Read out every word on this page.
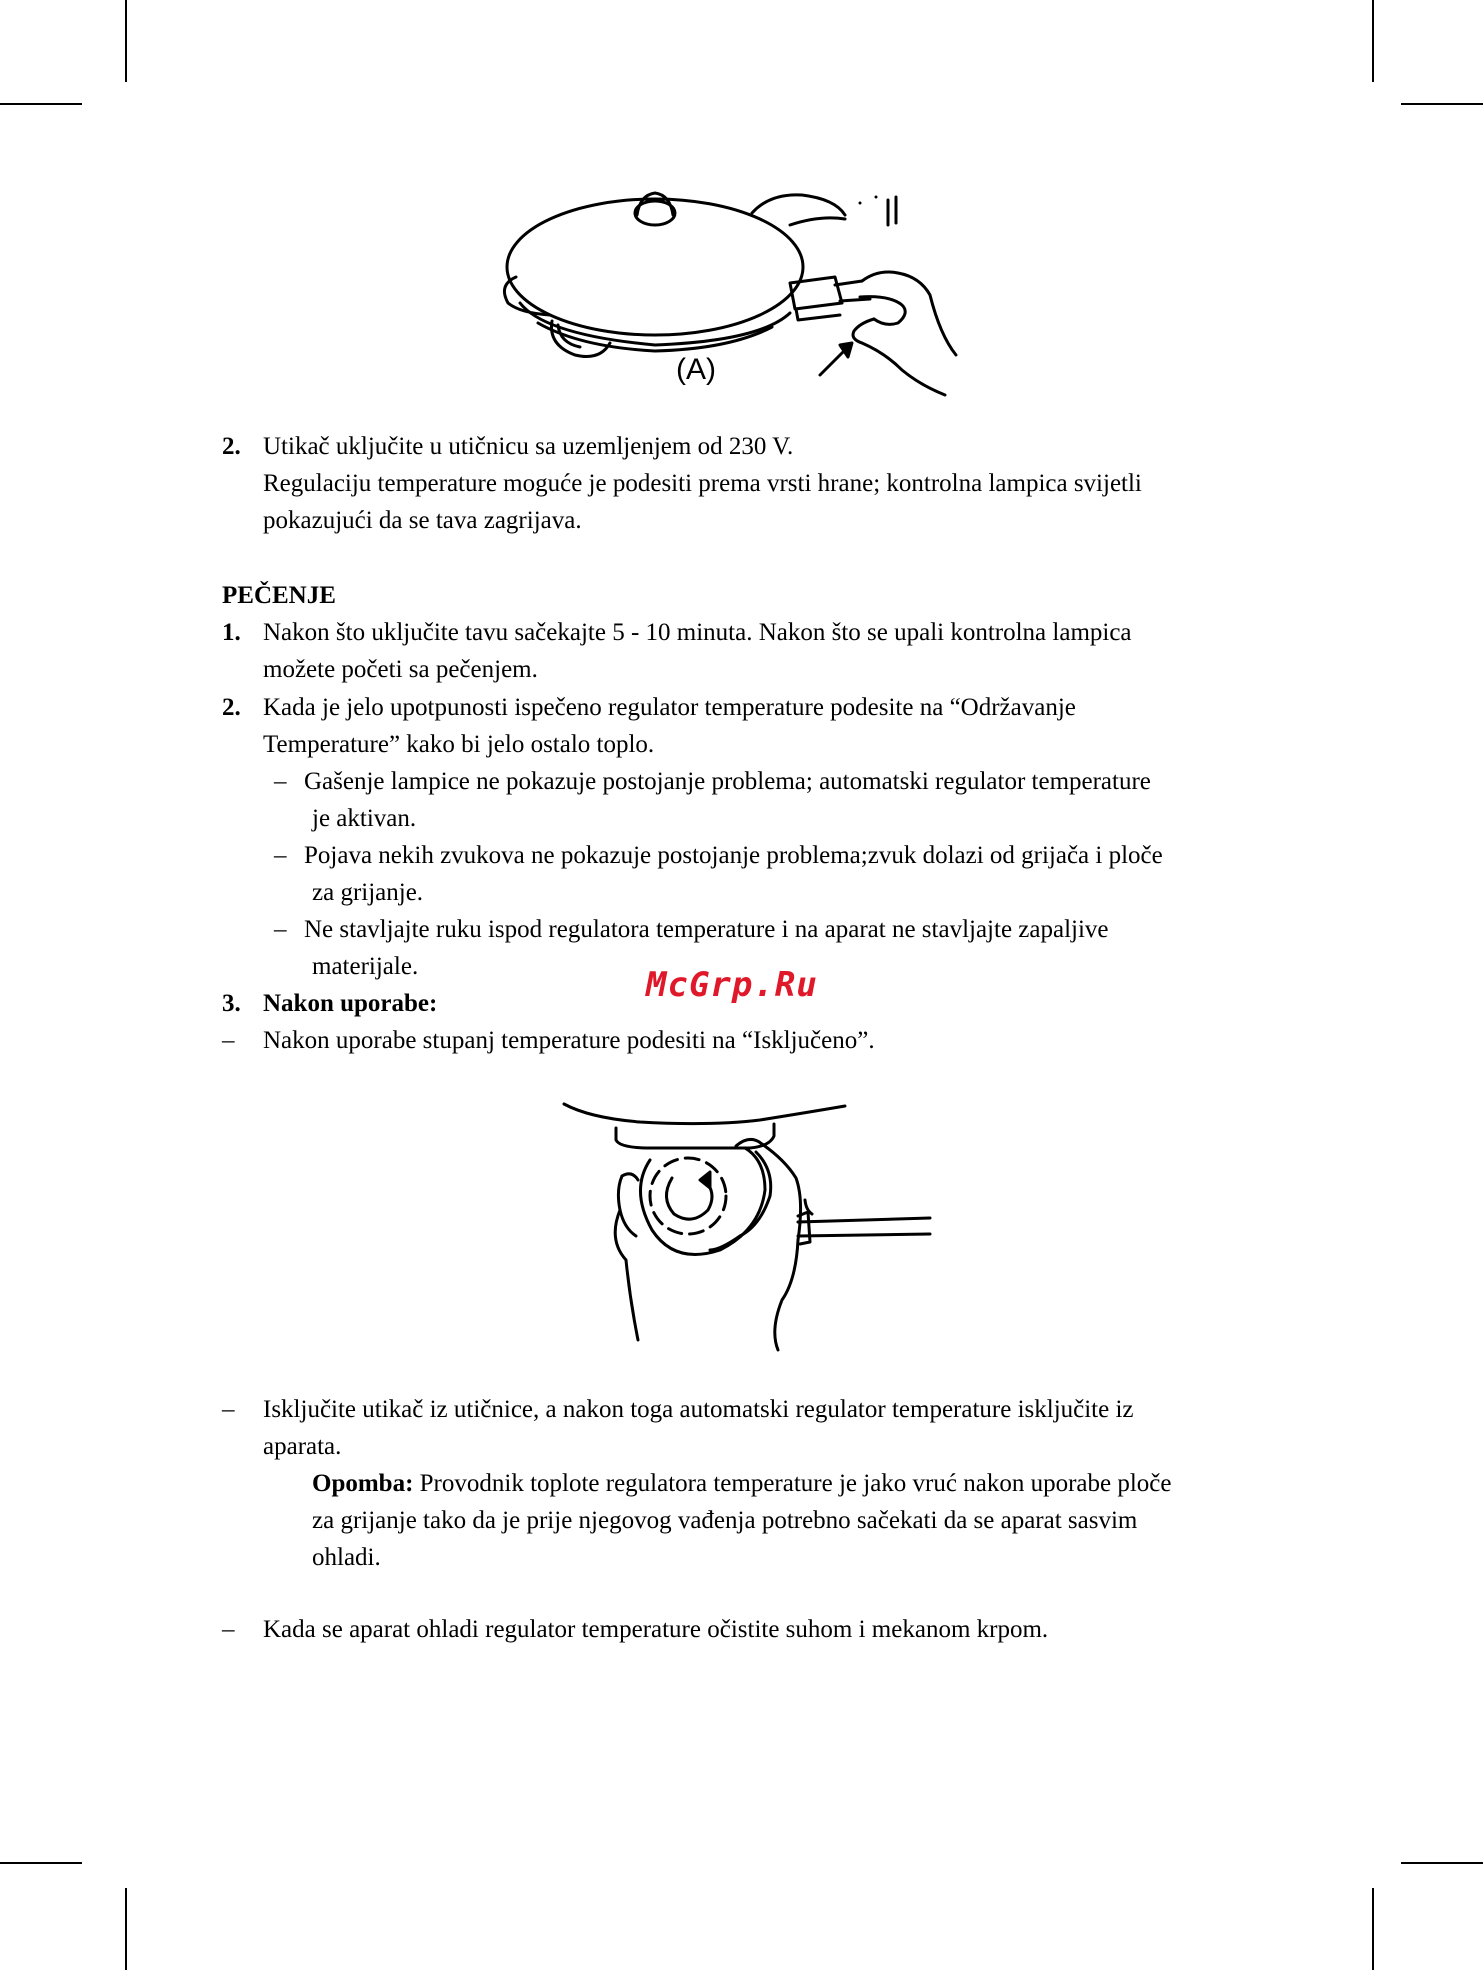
(A)
2. Utikač uključite u utičnicu sa uzemljenjem od 230 V.
Regulaciju temperature moguće je podesiti prema vrsti hrane; kontrolna lampica svijetli
pokazujući da se tava zagrijava.
PEČENJE
1. Nakon što uključite tavu sačekajte 5 - 10 minuta. Nakon što se upali kontrolna lampica
možete početi sa pečenjem.
2. Kada je jelo upotpunosti ispečeno regulator temperature podesite na “Održavanje
Temperature” kako bi jelo ostalo toplo.
– Gašenje lampice ne pokazuje postojanje problema; automatski regulator temperature
je aktivan.
– Pojava nekih zvukova ne pokazuje postojanje problema;zvuk dolazi od grijača i ploče
za grijanje.
– Ne stavljajte ruku ispod regulatora temperature i na aparat ne stavljajte zapaljive
materijale.
3. Nakon uporabe:	McGrp.Ru
– Nakon uporabe stupanj temperature podesiti na “Isključeno”.
– Isključite utikač iz utičnice, a nakon toga automatski regulator temperature isključite iz
aparata.
Opomba: Provodnik toplote regulatora temperature je jako vruć nakon uporabe ploče
za grijanje tako da je prije njegovog vađenja potrebno sačekati da se aparat sasvim
ohladi.
– Kada se aparat ohladi regulator temperature očistite suhom i mekanom krpom.
